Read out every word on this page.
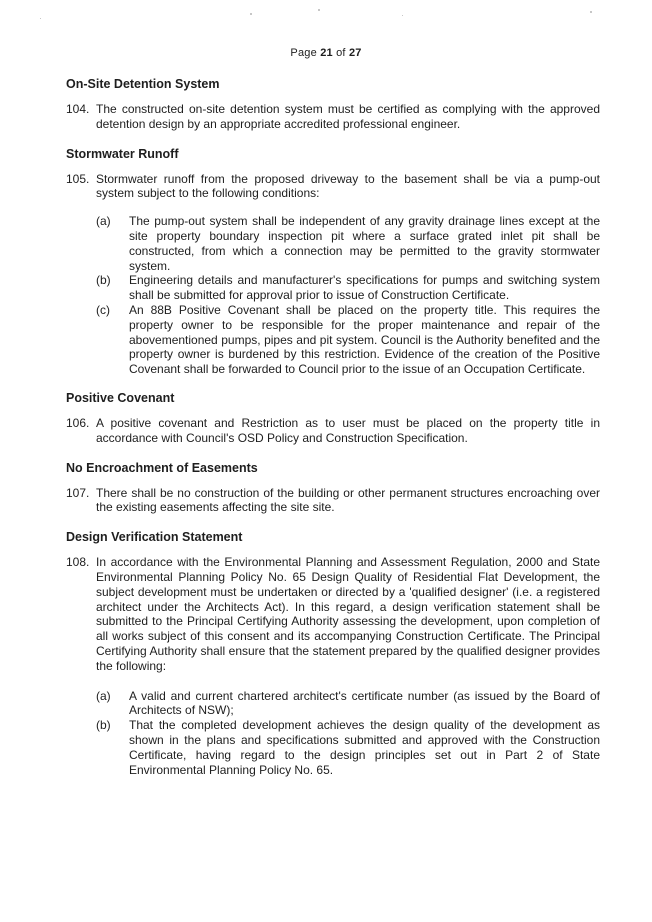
Page 21 of 27
On-Site Detention System
104. The constructed on-site detention system must be certified as complying with the approved detention design by an appropriate accredited professional engineer.
Stormwater Runoff
105. Stormwater runoff from the proposed driveway to the basement shall be via a pump-out system subject to the following conditions:
(a) The pump-out system shall be independent of any gravity drainage lines except at the site property boundary inspection pit where a surface grated inlet pit shall be constructed, from which a connection may be permitted to the gravity stormwater system.
(b) Engineering details and manufacturer's specifications for pumps and switching system shall be submitted for approval prior to issue of Construction Certificate.
(c) An 88B Positive Covenant shall be placed on the property title. This requires the property owner to be responsible for the proper maintenance and repair of the abovementioned pumps, pipes and pit system. Council is the Authority benefited and the property owner is burdened by this restriction. Evidence of the creation of the Positive Covenant shall be forwarded to Council prior to the issue of an Occupation Certificate.
Positive Covenant
106. A positive covenant and Restriction as to user must be placed on the property title in accordance with Council's OSD Policy and Construction Specification.
No Encroachment of Easements
107. There shall be no construction of the building or other permanent structures encroaching over the existing easements affecting the site site.
Design Verification Statement
108. In accordance with the Environmental Planning and Assessment Regulation, 2000 and State Environmental Planning Policy No. 65 Design Quality of Residential Flat Development, the subject development must be undertaken or directed by a 'qualified designer' (i.e. a registered architect under the Architects Act). In this regard, a design verification statement shall be submitted to the Principal Certifying Authority assessing the development, upon completion of all works subject of this consent and its accompanying Construction Certificate. The Principal Certifying Authority shall ensure that the statement prepared by the qualified designer provides the following:
(a) A valid and current chartered architect's certificate number (as issued by the Board of Architects of NSW);
(b) That the completed development achieves the design quality of the development as shown in the plans and specifications submitted and approved with the Construction Certificate, having regard to the design principles set out in Part 2 of State Environmental Planning Policy No. 65.
